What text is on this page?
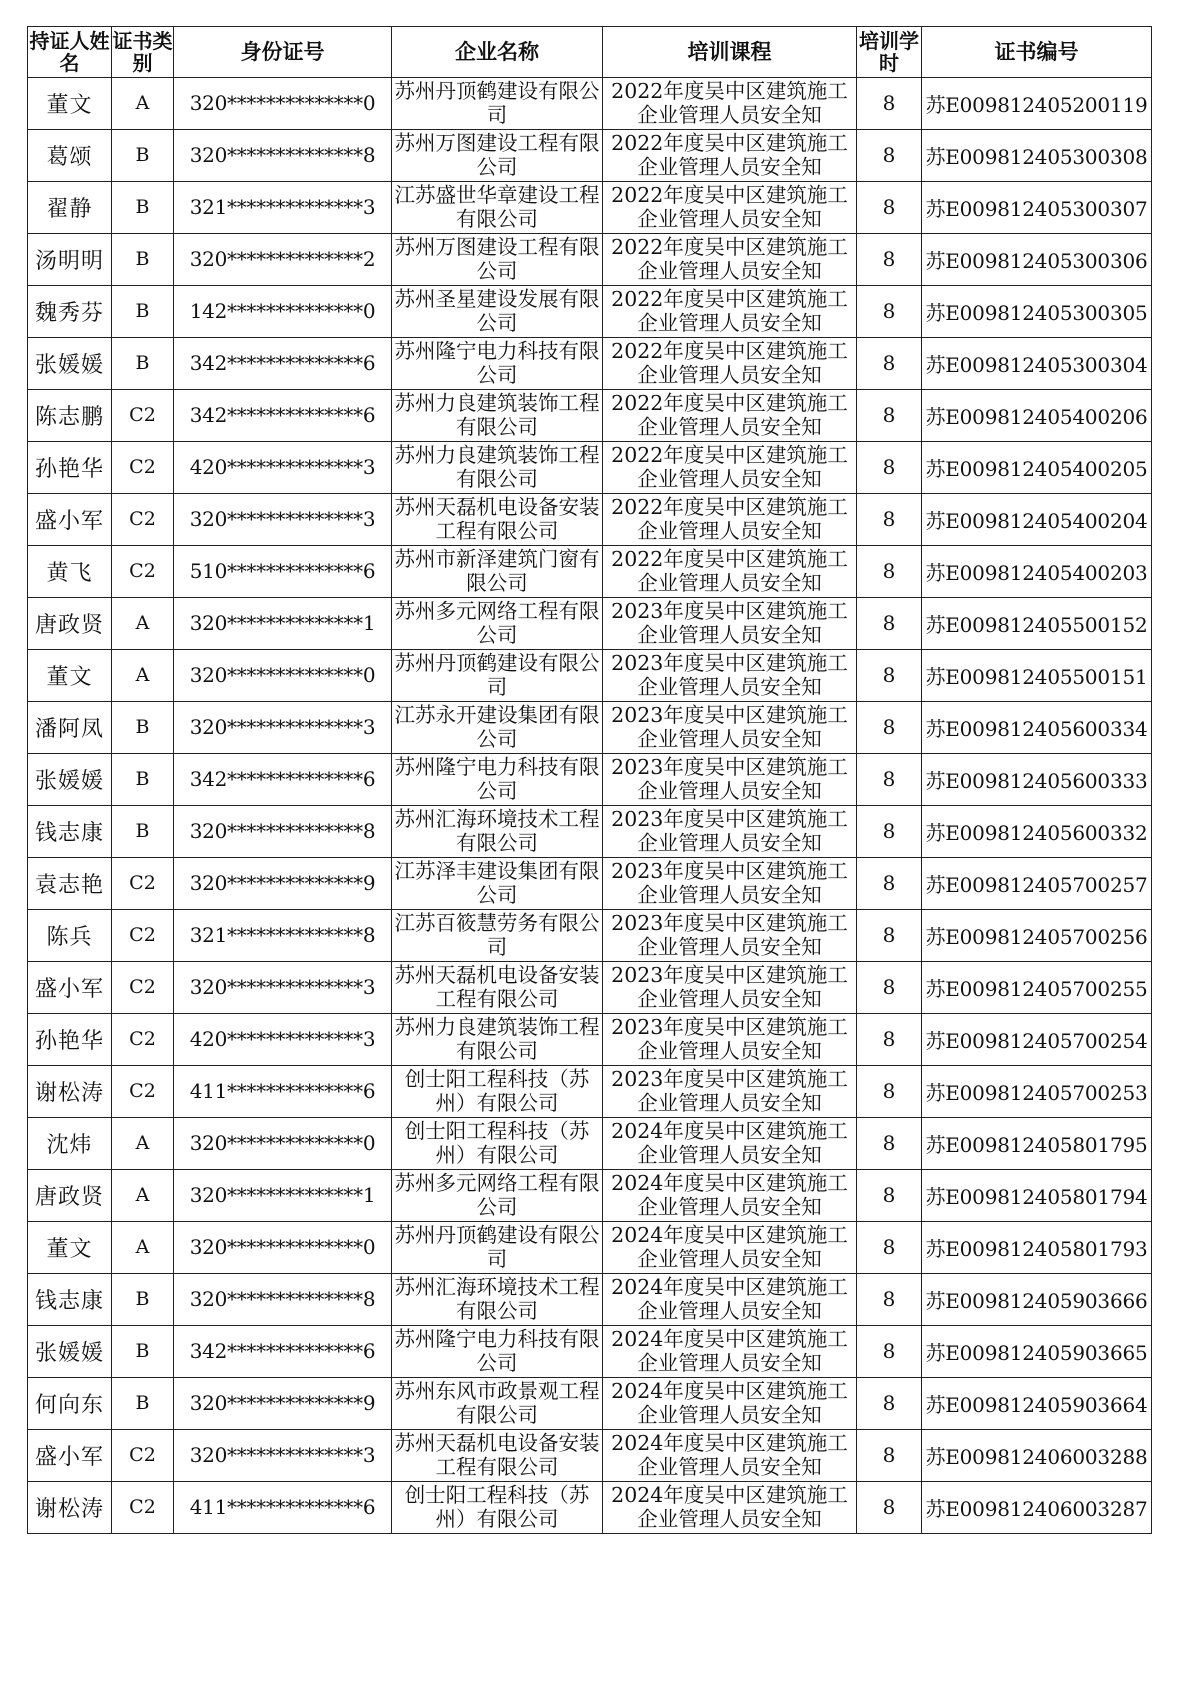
持证人姓名	证书类别	身份证号	企业名称	培训课程	培训学时	证书编号
董文	A	320**************0	苏州丹顶鹤建设有限公司	2022年度吴中区建筑施工企业管理人员安全知	8	苏E009812405200119
葛颂	B	320**************8	苏州万图建设工程有限公司	2022年度吴中区建筑施工企业管理人员安全知	8	苏E009812405300308
翟静	B	321**************3	江苏盛世华章建设工程有限公司	2022年度吴中区建筑施工企业管理人员安全知	8	苏E009812405300307
汤明明	B	320**************2	苏州万图建设工程有限公司	2022年度吴中区建筑施工企业管理人员安全知	8	苏E009812405300306
魏秀芬	B	142**************0	苏州圣星建设发展有限公司	2022年度吴中区建筑施工企业管理人员安全知	8	苏E009812405300305
张媛媛	B	342**************6	苏州隆宁电力科技有限公司	2022年度吴中区建筑施工企业管理人员安全知	8	苏E009812405300304
陈志鹏	C2	342**************6	苏州力良建筑装饰工程有限公司	2022年度吴中区建筑施工企业管理人员安全知	8	苏E009812405400206
孙艳华	C2	420**************3	苏州力良建筑装饰工程有限公司	2022年度吴中区建筑施工企业管理人员安全知	8	苏E009812405400205
盛小军	C2	320**************3	苏州天磊机电设备安装工程有限公司	2022年度吴中区建筑施工企业管理人员安全知	8	苏E009812405400204
黄飞	C2	510**************6	苏州市新泽建筑门窗有限公司	2022年度吴中区建筑施工企业管理人员安全知	8	苏E009812405400203
唐政贤	A	320**************1	苏州多元网络工程有限公司	2023年度吴中区建筑施工企业管理人员安全知	8	苏E009812405500152
董文	A	320**************0	苏州丹顶鹤建设有限公司	2023年度吴中区建筑施工企业管理人员安全知	8	苏E009812405500151
潘阿凤	B	320**************3	江苏永开建设集团有限公司	2023年度吴中区建筑施工企业管理人员安全知	8	苏E009812405600334
张媛媛	B	342**************6	苏州隆宁电力科技有限公司	2023年度吴中区建筑施工企业管理人员安全知	8	苏E009812405600333
钱志康	B	320**************8	苏州汇海环境技术工程有限公司	2023年度吴中区建筑施工企业管理人员安全知	8	苏E009812405600332
袁志艳	C2	320**************9	江苏泽丰建设集团有限公司	2023年度吴中区建筑施工企业管理人员安全知	8	苏E009812405700257
陈兵	C2	321**************8	江苏百筱慧劳务有限公司	2023年度吴中区建筑施工企业管理人员安全知	8	苏E009812405700256
盛小军	C2	320**************3	苏州天磊机电设备安装工程有限公司	2023年度吴中区建筑施工企业管理人员安全知	8	苏E009812405700255
孙艳华	C2	420**************3	苏州力良建筑装饰工程有限公司	2023年度吴中区建筑施工企业管理人员安全知	8	苏E009812405700254
谢松涛	C2	411**************6	创士阳工程科技（苏州）有限公司	2023年度吴中区建筑施工企业管理人员安全知	8	苏E009812405700253
沈炜	A	320**************0	创士阳工程科技（苏州）有限公司	2024年度吴中区建筑施工企业管理人员安全知	8	苏E009812405801795
唐政贤	A	320**************1	苏州多元网络工程有限公司	2024年度吴中区建筑施工企业管理人员安全知	8	苏E009812405801794
董文	A	320**************0	苏州丹顶鹤建设有限公司	2024年度吴中区建筑施工企业管理人员安全知	8	苏E009812405801793
钱志康	B	320**************8	苏州汇海环境技术工程有限公司	2024年度吴中区建筑施工企业管理人员安全知	8	苏E009812405903666
张媛媛	B	342**************6	苏州隆宁电力科技有限公司	2024年度吴中区建筑施工企业管理人员安全知	8	苏E009812405903665
何向东	B	320**************9	苏州东风市政景观工程有限公司	2024年度吴中区建筑施工企业管理人员安全知	8	苏E009812405903664
盛小军	C2	320**************3	苏州天磊机电设备安装工程有限公司	2024年度吴中区建筑施工企业管理人员安全知	8	苏E009812406003288
谢松涛	C2	411**************6	创士阳工程科技（苏州）有限公司	2024年度吴中区建筑施工企业管理人员安全知	8	苏E009812406003287
